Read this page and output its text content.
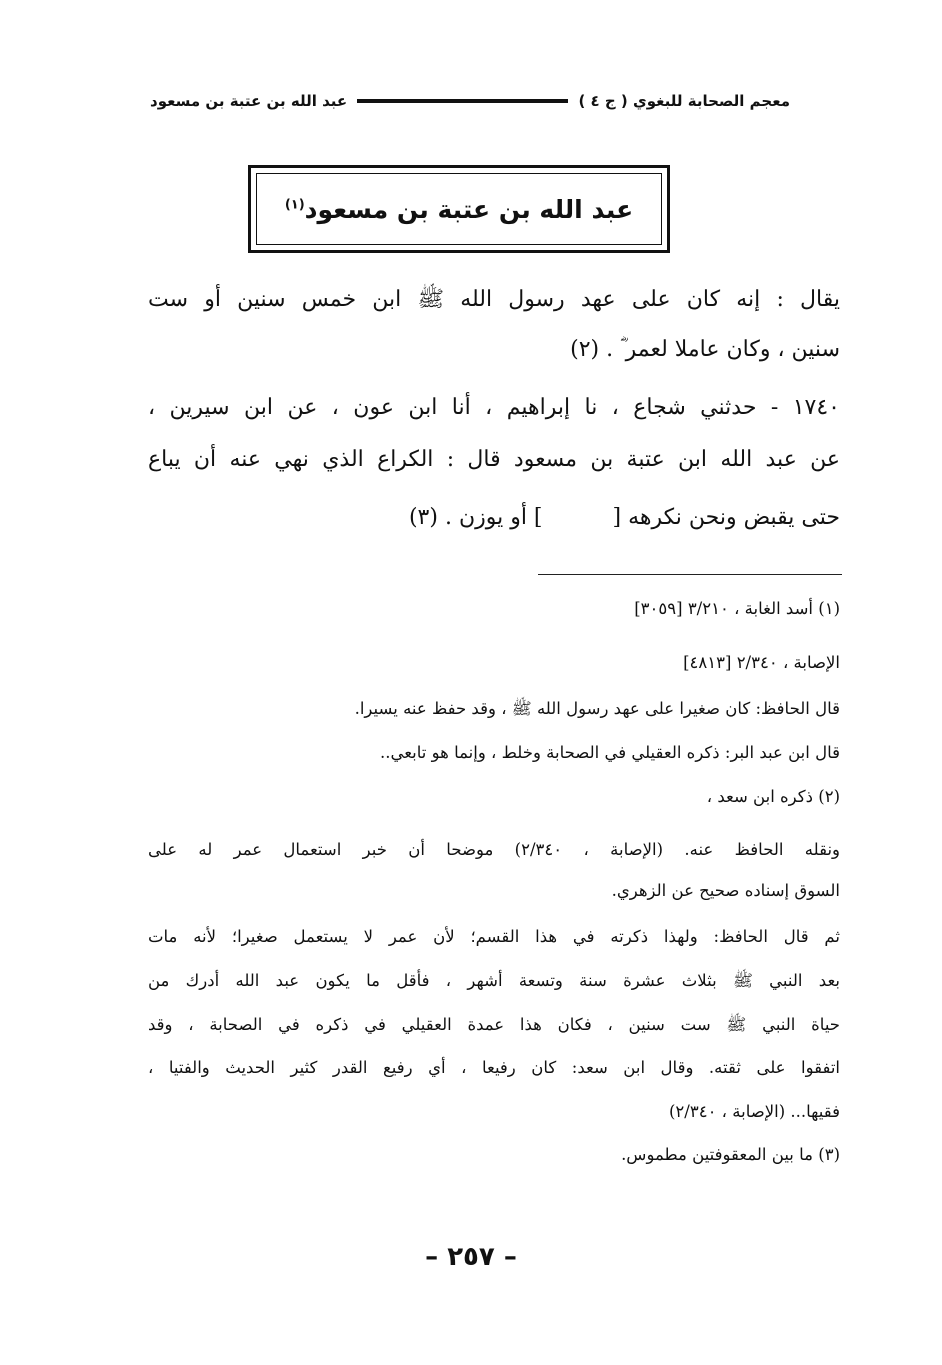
معجم الصحابة للبغوي ( ج ٤ )
عبد الله بن عتبة بن مسعود
عبد الله بن عتبة بن مسعود$^{(١)}$
يقال : إنه كان على عهد رسول الله ﷺ ابن خمس سنين أو ست
سنين ، وكان عاملا لعمر ؓ . (٢)
١٧٤٠ - حدثني شجاع ، نا إبراهيم ، أنا ابن عون ، عن ابن سيرين ،
عن عبد الله ابن عتبة بن مسعود قال : الكراع الذي نهي عنه أن يباع
حتى يقبض ونحن نكرهه [] أو يوزن . (٣)
(١) أسد الغابة ، ٣/٢١٠ [٣٠٥٩]
الإصابة ، ٢/٣٤٠ [٤٨١٣]
قال الحافظ: كان صغيرا على عهد رسول الله ﷺ ، وقد حفظ عنه يسيرا.
قال ابن عبد البر: ذكره العقيلي في الصحابة وخلط ، وإنما هو تابعي..
(٢) ذكره ابن سعد ،
ونقله الحافظ عنه. (الإصابة ، ٢/٣٤٠) موضحا أن خبر استعمال عمر له على
السوق إسناده صحيح عن الزهري.
ثم قال الحافظ: ولهذا ذكرته في هذا القسم؛ لأن عمر لا يستعمل صغيرا؛ لأنه مات
بعد النبي ﷺ بثلاث عشرة سنة وتسعة أشهر ، فأقل ما يكون عبد الله أدرك من
حياة النبي ﷺ ست سنين ، فكان هذا عمدة العقيلي في ذكره في الصحابة ، وقد
اتفقوا على ثقته. وقال ابن سعد: كان رفيعا ، أي رفيع القدر كثير الحديث والفتيا ،
فقيها... (الإصابة ، ٢/٣٤٠)
(٣) ما بين المعقوفتين مطموس.
– ٢٥٧ –
